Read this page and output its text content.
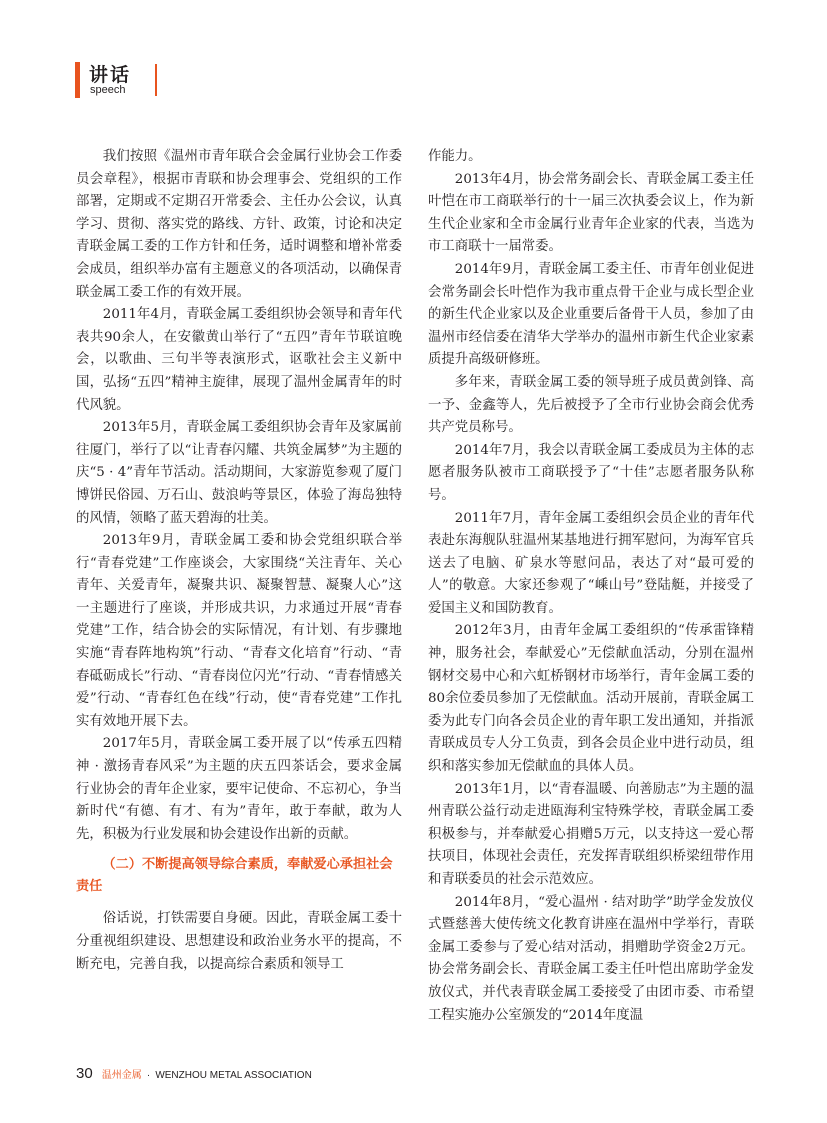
讲话
speech

我们按照《温州市青年联合会金属行业协会工作委员会章程》，根据市青联和协会理事会、党组织的工作部署，定期或不定期召开常委会、主任办公会议，认真学习、贯彻、落实党的路线、方针、政策，讨论和决定青联金属工委的工作方针和任务，适时调整和增补常委会成员，组织举办富有主题意义的各项活动，以确保青联金属工委工作的有效开展。

2011年4月，青联金属工委组织协会领导和青年代表共90余人，在安徽黄山举行了“五四”青年节联谊晚会，以歌曲、三句半等表演形式，讴歌社会主义新中国，弘扬“五四”精神主旋律，展现了温州金属青年的时代风貌。

2013年5月，青联金属工委组织协会青年及家属前往厦门，举行了以“让青春闪耀、共筑金属梦”为主题的庆“5 · 4”青年节活动。活动期间，大家游览参观了厦门博饼民俗园、万石山、鼓浪屿等景区，体验了海岛独特的风情，领略了蓝天碧海的壮美。

2013年9月，青联金属工委和协会党组织联合举行“青春党建”工作座谈会，大家围绕“关注青年、关心青年、关爱青年，凝聚共识、凝聚智慧、凝聚人心”这一主题进行了座谈，并形成共识，力求通过开展“青春党建”工作，结合协会的实际情况，有计划、有步骤地实施“青春阵地构筑”行动、“青春文化培育”行动、“青春砥砺成长”行动、“青春岗位闪光”行动、“青春情感关爱”行动、“青春红色在线”行动，使“青春党建”工作扎实有效地开展下去。

2017年5月，青联金属工委开展了以“传承五四精神 · 激扬青春风采”为主题的庆五四茶话会，要求金属行业协会的青年企业家，要牢记使命、不忘初心，争当新时代“有德、有才、有为”青年，敢于奉献，敢为人先，积极为行业发展和协会建设作出新的贡献。

（二）不断提高领导综合素质，奉献爱心承担社会责任

俗话说，打铁需要自身硬。因此，青联金属工委十分重视组织建设、思想建设和政治业务水平的提高，不断充电，完善自我，以提高综合素质和领导工

作能力。

2013年4月，协会常务副会长、青联金属工委主任叶恺在市工商联举行的十一届三次执委会议上，作为新生代企业家和全市金属行业青年企业家的代表，当选为市工商联十一届常委。

2014年9月，青联金属工委主任、市青年创业促进会常务副会长叶恺作为我市重点骨干企业与成长型企业的新生代企业家以及企业重要后备骨干人员，参加了由温州市经信委在清华大学举办的温州市新生代企业家素质提升高级研修班。

多年来，青联金属工委的领导班子成员黄剑锋、高一予、金鑫等人，先后被授予了全市行业协会商会优秀共产党员称号。

2014年7月，我会以青联金属工委成员为主体的志愿者服务队被市工商联授予了“十佳”志愿者服务队称号。

2011年7月，青年金属工委组织会员企业的青年代表赴东海舰队驻温州某基地进行拥军慰问，为海军官兵送去了电脑、矿泉水等慰问品，表达了对“最可爱的人”的敬意。大家还参观了“嵊山号”登陆艇，并接受了爱国主义和国防教育。

2012年3月，由青年金属工委组织的“传承雷锋精神，服务社会，奉献爱心”无偿献血活动，分别在温州钢材交易中心和六虹桥钢材市场举行，青年金属工委的80余位委员参加了无偿献血。活动开展前，青联金属工委为此专门向各会员企业的青年职工发出通知，并指派青联成员专人分工负责，到各会员企业中进行动员，组织和落实参加无偿献血的具体人员。

2013年1月，以“青春温暖、向善励志”为主题的温州青联公益行动走进瓯海利宝特殊学校，青联金属工委积极参与，并奉献爱心捐赠5万元，以支持这一爱心帮扶项目，体现社会责任，充发挥青联组织桥梁纽带作用和青联委员的社会示范效应。

2014年8月，“爱心温州 · 结对助学”助学金发放仪式暨慈善大使传统文化教育讲座在温州中学举行，青联金属工委参与了爱心结对活动，捐赠助学资金2万元。协会常务副会长、青联金属工委主任叶恺出席助学金发放仪式，并代表青联金属工委接受了由团市委、市希望工程实施办公室颁发的“2014年度温

30 温州金属 · WENZHOU METAL ASSOCIATION
